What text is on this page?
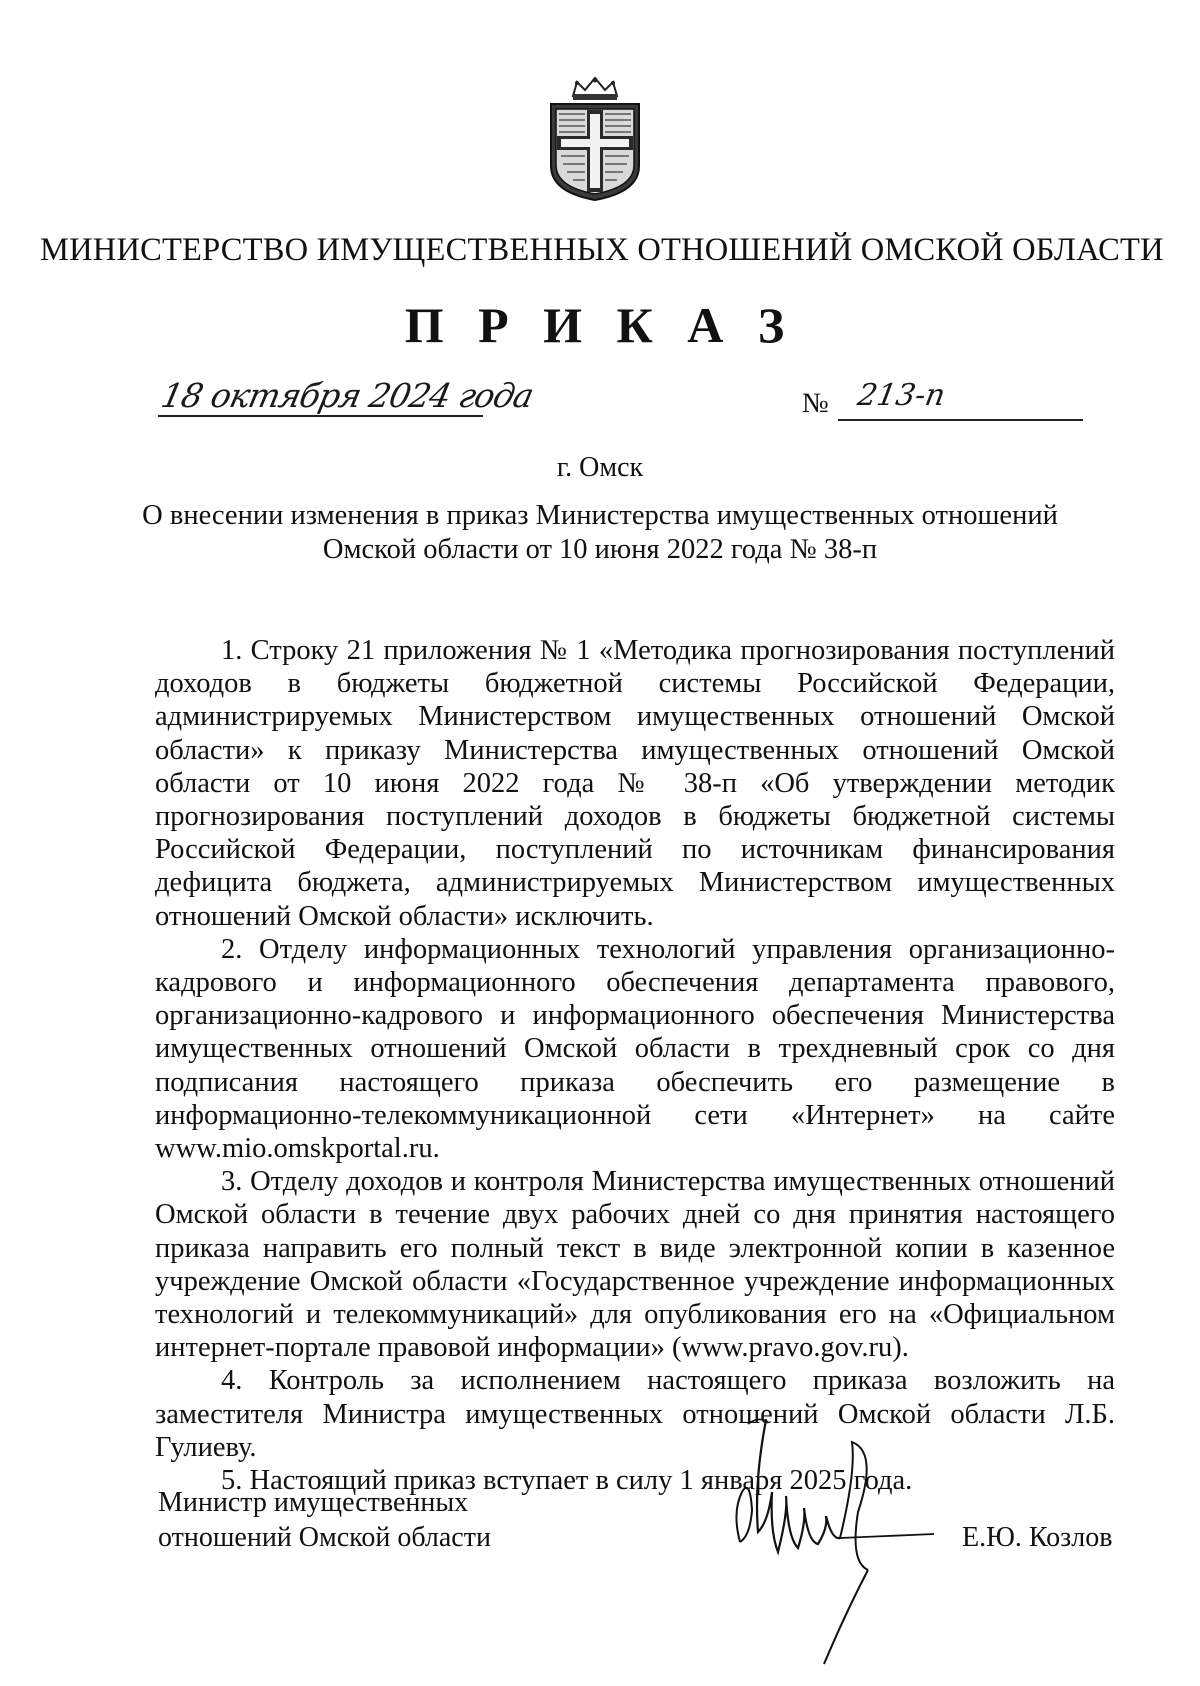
МИНИСТЕРСТВО ИМУЩЕСТВЕННЫХ ОТНОШЕНИЙ ОМСКОЙ ОБЛАСТИ
П Р И К А З
18 октября 2024 года	№ 213-п
г. Омск
О внесении изменения в приказ Министерства имущественных отношений
Омской области от 10 июня 2022 года № 38-п

1. Строку 21 приложения № 1 «Методика прогнозирования поступлений доходов в бюджеты бюджетной системы Российской Федерации, администрируемых Министерством имущественных отношений Омской области» к приказу Министерства имущественных отношений Омской области от 10 июня 2022 года № 38-п «Об утверждении методик прогнозирования поступлений доходов в бюджеты бюджетной системы Российской Федерации, поступлений по источникам финансирования дефицита бюджета, администрируемых Министерством имущественных отношений Омской области» исключить.

2. Отделу информационных технологий управления организационно-кадрового и информационного обеспечения департамента правового, организационно-кадрового и информационного обеспечения Министерства имущественных отношений Омской области в трехдневный срок со дня подписания настоящего приказа обеспечить его размещение в информационно-телекоммуникационной сети «Интернет» на сайте www.mio.omskportal.ru.

3. Отделу доходов и контроля Министерства имущественных отношений Омской области в течение двух рабочих дней со дня принятия настоящего приказа направить его полный текст в виде электронной копии в казенное учреждение Омской области «Государственное учреждение информационных технологий и телекоммуникаций» для опубликования его на «Официальном интернет-портале правовой информации» (www.pravo.gov.ru).

4. Контроль за исполнением настоящего приказа возложить на заместителя Министра имущественных отношений Омской области Л.Б. Гулиеву.

5. Настоящий приказ вступает в силу 1 января 2025 года.

Министр имущественных
отношений Омской области	Е.Ю. Козлов
